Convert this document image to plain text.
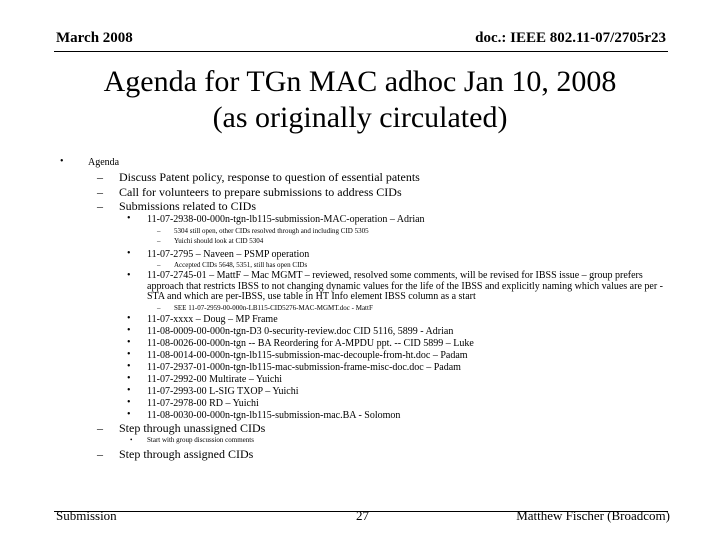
March 2008	doc.: IEEE 802.11-07/2705r23
Agenda for TGn MAC adhoc Jan 10, 2008
(as originally circulated)
• Agenda
– Discuss Patent policy, response to question of essential patents
– Call for volunteers to prepare submissions to address CIDs
– Submissions related to CIDs
• 11-07-2938-00-000n-tgn-lb115-submission-MAC-operation – Adrian
– 5304 still open, other CIDs resolved through and including CID 5305
– Yuichi should look at CID 5304
• 11-07-2795 – Naveen – PSMP operation
– Accepted CIDs 5648, 5351, still has open CIDs
• 11-07-2745-01 – MattF – Mac MGMT – reviewed, resolved some comments, will be revised for IBSS issue – group prefers approach that restricts IBSS to not changing dynamic values for the life of the IBSS and explicitly naming which values are per -STA and which are per-IBSS, use table in HT Info element IBSS column as a start
– SEE 11-07-2959-00-000n-LB115-CID5276-MAC-MGMT.doc - MattF
• 11-07-xxxx – Doug – MP Frame
• 11-08-0009-00-000n-tgn-D3 0-security-review.doc CID 5116, 5899 - Adrian
• 11-08-0026-00-000n-tgn -- BA Reordering for A-MPDU ppt. -- CID 5899 – Luke
• 11-08-0014-00-000n-tgn-lb115-submission-mac-decouple-from-ht.doc – Padam
• 11-07-2937-01-000n-tgn-lb115-mac-submission-frame-misc-doc.doc – Padam
• 11-07-2992-00 Multirate – Yuichi
• 11-07-2993-00 L-SIG TXOP – Yuichi
• 11-07-2978-00 RD – Yuichi
• 11-08-0030-00-000n-tgn-lb115-submission-mac.BA - Solomon
– Step through unassigned CIDs
• Start with group discussion comments
– Step through assigned CIDs
Submission	27	Matthew Fischer (Broadcom)
